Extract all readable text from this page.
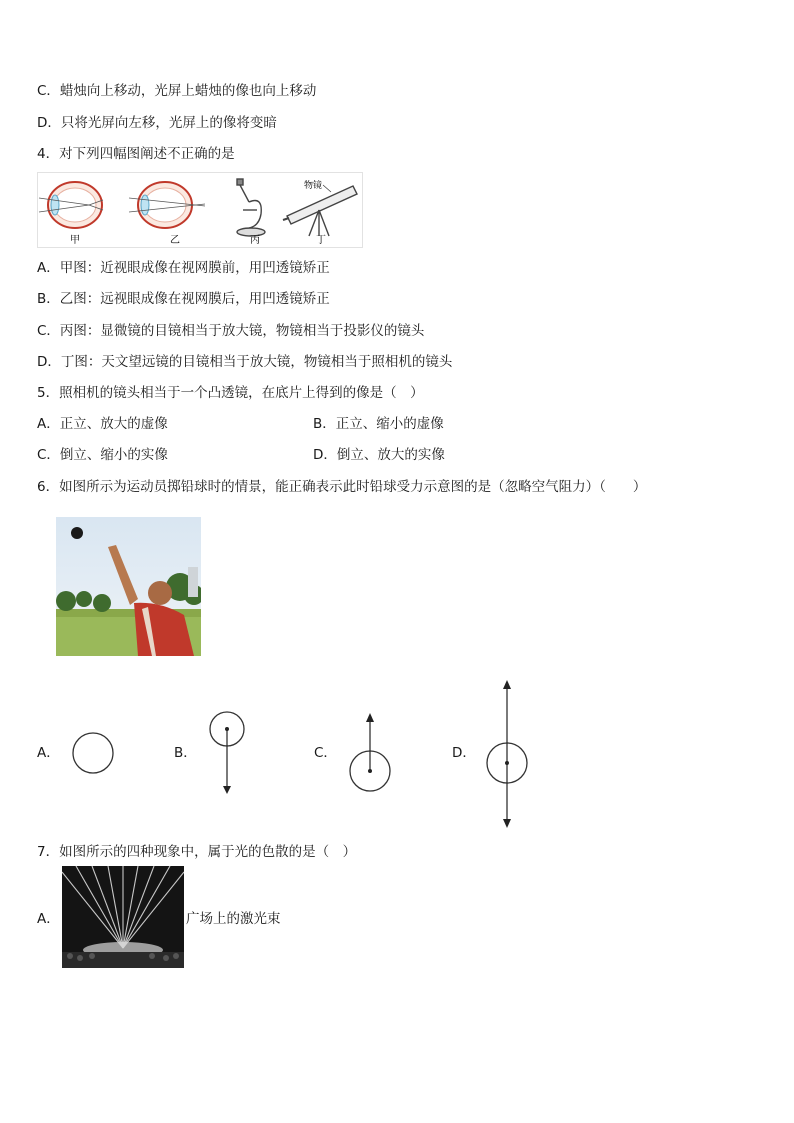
C．蜡烛向上移动，光屏上蜡烛的像也向上移动
D．只将光屏向左移，光屏上的像将变暗
4．对下列四幅图阐述不正确的是
甲	乙	丙
物镜
丁
A．甲图：近视眼成像在视网膜前，用凹透镜矫正
B．乙图：远视眼成像在视网膜后，用凹透镜矫正
C．丙图：显微镜的目镜相当于放大镜，物镜相当于投影仪的镜头
D．丁图：天文望远镜的目镜相当于放大镜，物镜相当于照相机的镜头
5．照相机的镜头相当于一个凸透镜，在底片上得到的像是（　）
A．正立、放大的虚像	B．正立、缩小的虚像
C．倒立、缩小的实像	D．倒立、放大的实像
6．如图所示为运动员掷铅球时的情景，能正确表示此时铅球受力示意图的是（忽略空气阻力）（　　）
A．	B．	C．	D．
7．如图所示的四种现象中，属于光的色散的是（　）
A．	广场上的激光束
